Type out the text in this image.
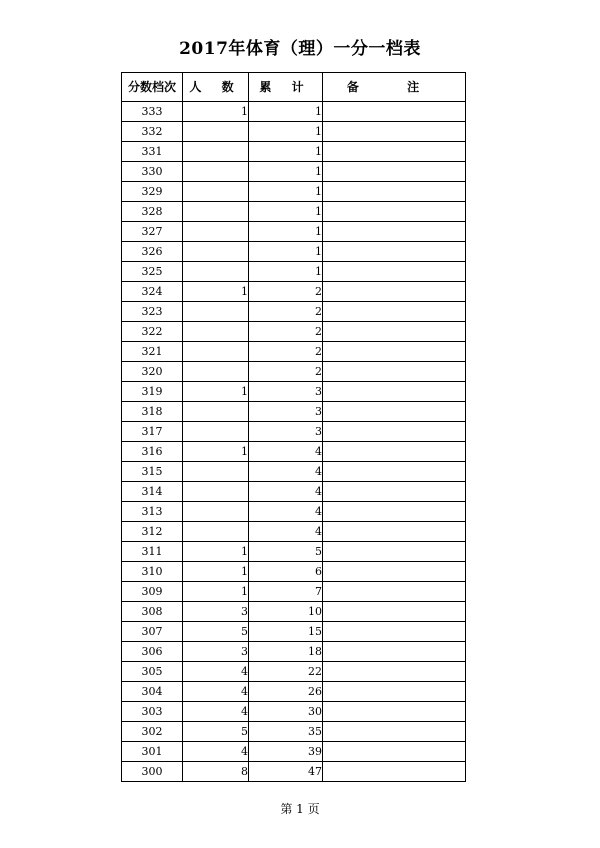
2017年体育（理）一分一档表
分数档次	人 数	累 计	备 注
333	1	1	
332		1	
331		1	
330		1	
329		1	
328		1	
327		1	
326		1	
325		1	
324	1	2	
323		2	
322		2	
321		2	
320		2	
319	1	3	
318		3	
317		3	
316	1	4	
315		4	
314		4	
313		4	
312		4	
311	1	5	
310	1	6	
309	1	7	
308	3	10	
307	5	15	
306	3	18	
305	4	22	
304	4	26	
303	4	30	
302	5	35	
301	4	39	
300	8	47	
第 1 页
